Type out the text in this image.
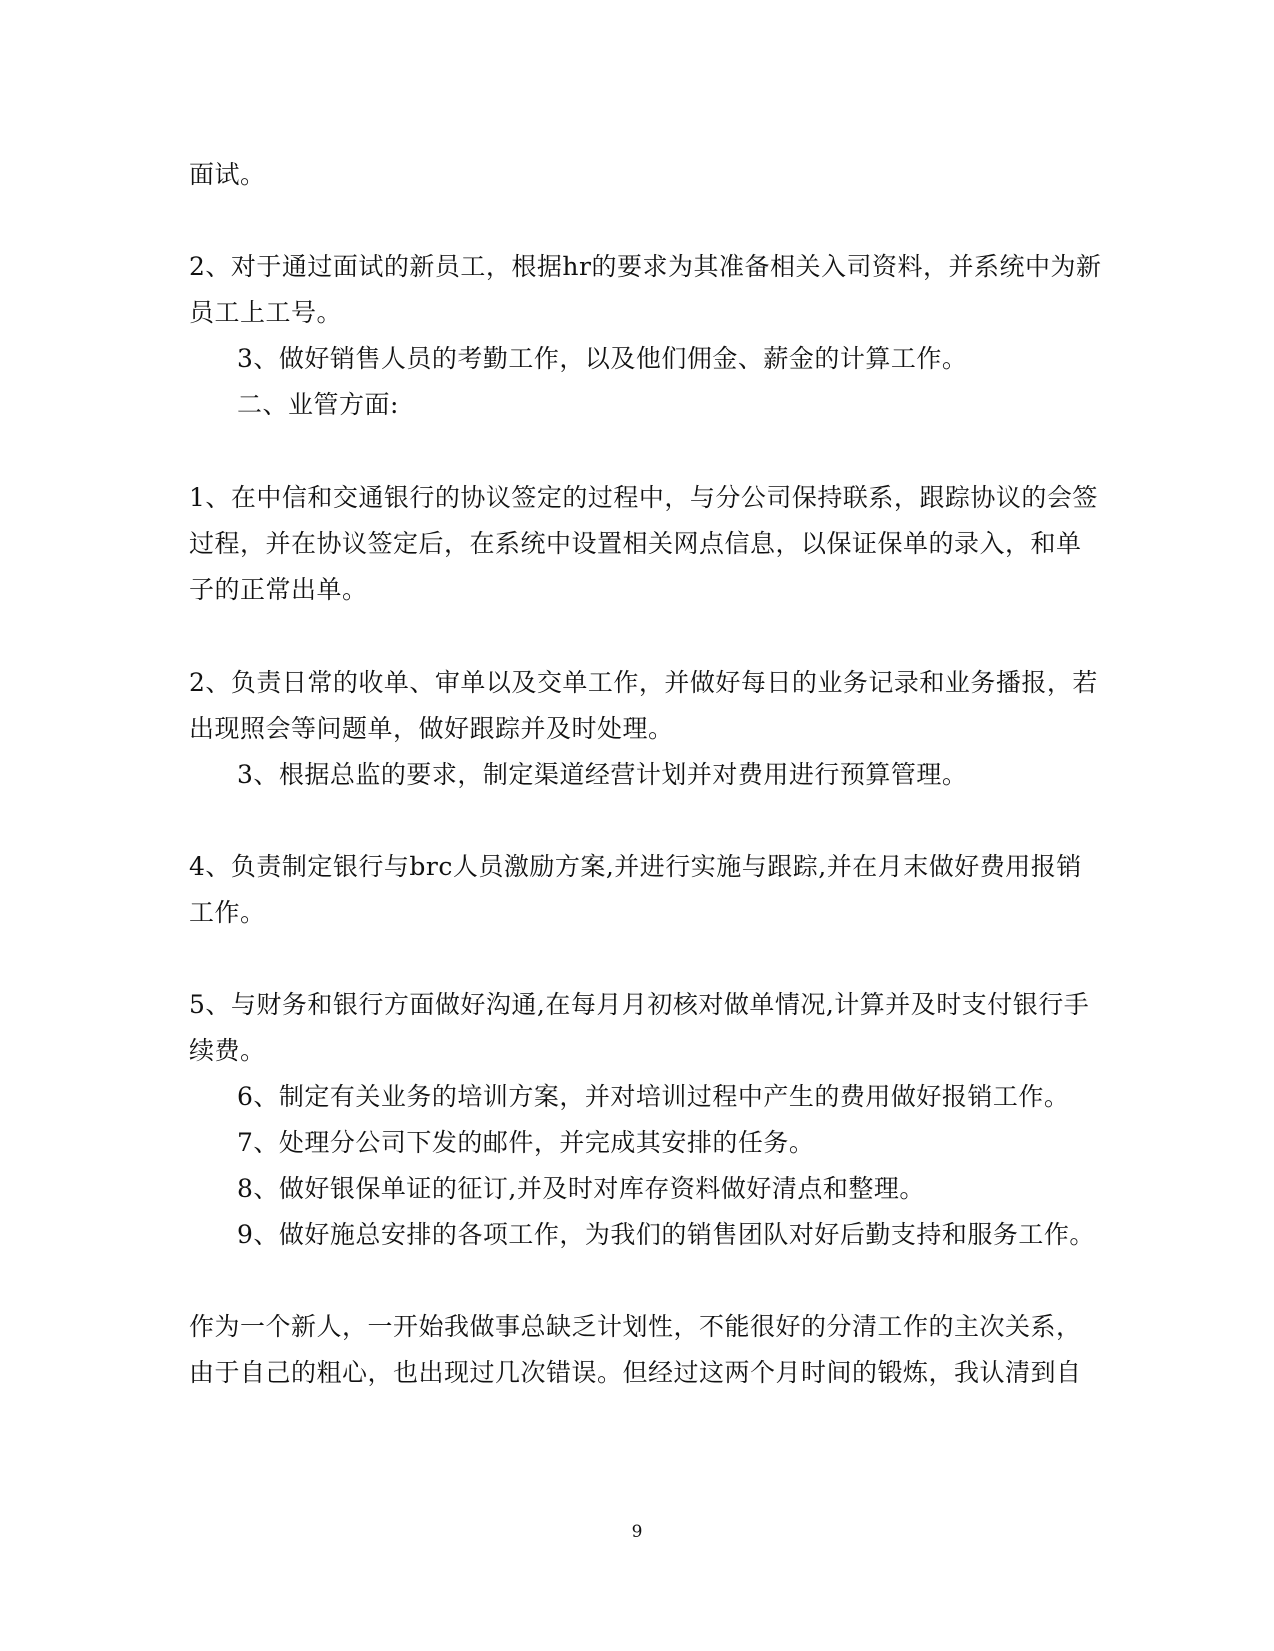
面试。
2、对于通过面试的新员工，根据hr的要求为其准备相关入司资料，并系统中为新
员工上工号。
3、做好销售人员的考勤工作，以及他们佣金、薪金的计算工作。
二、业管方面:
1、在中信和交通银行的协议签定的过程中，与分公司保持联系，跟踪协议的会签
过程，并在协议签定后，在系统中设置相关网点信息，以保证保单的录入，和单
子的正常出单。
2、负责日常的收单、审单以及交单工作，并做好每日的业务记录和业务播报，若
出现照会等问题单，做好跟踪并及时处理。
3、根据总监的要求，制定渠道经营计划并对费用进行预算管理。
4、负责制定银行与brc人员激励方案,并进行实施与跟踪,并在月末做好费用报销
工作。
5、与财务和银行方面做好沟通,在每月月初核对做单情况,计算并及时支付银行手
续费。
6、制定有关业务的培训方案，并对培训过程中产生的费用做好报销工作。
7、处理分公司下发的邮件，并完成其安排的任务。
8、做好银保单证的征订,并及时对库存资料做好清点和整理。
9、做好施总安排的各项工作，为我们的销售团队对好后勤支持和服务工作。
作为一个新人，一开始我做事总缺乏计划性，不能很好的分清工作的主次关系，
由于自己的粗心，也出现过几次错误。但经过这两个月时间的锻炼，我认清到自
9
